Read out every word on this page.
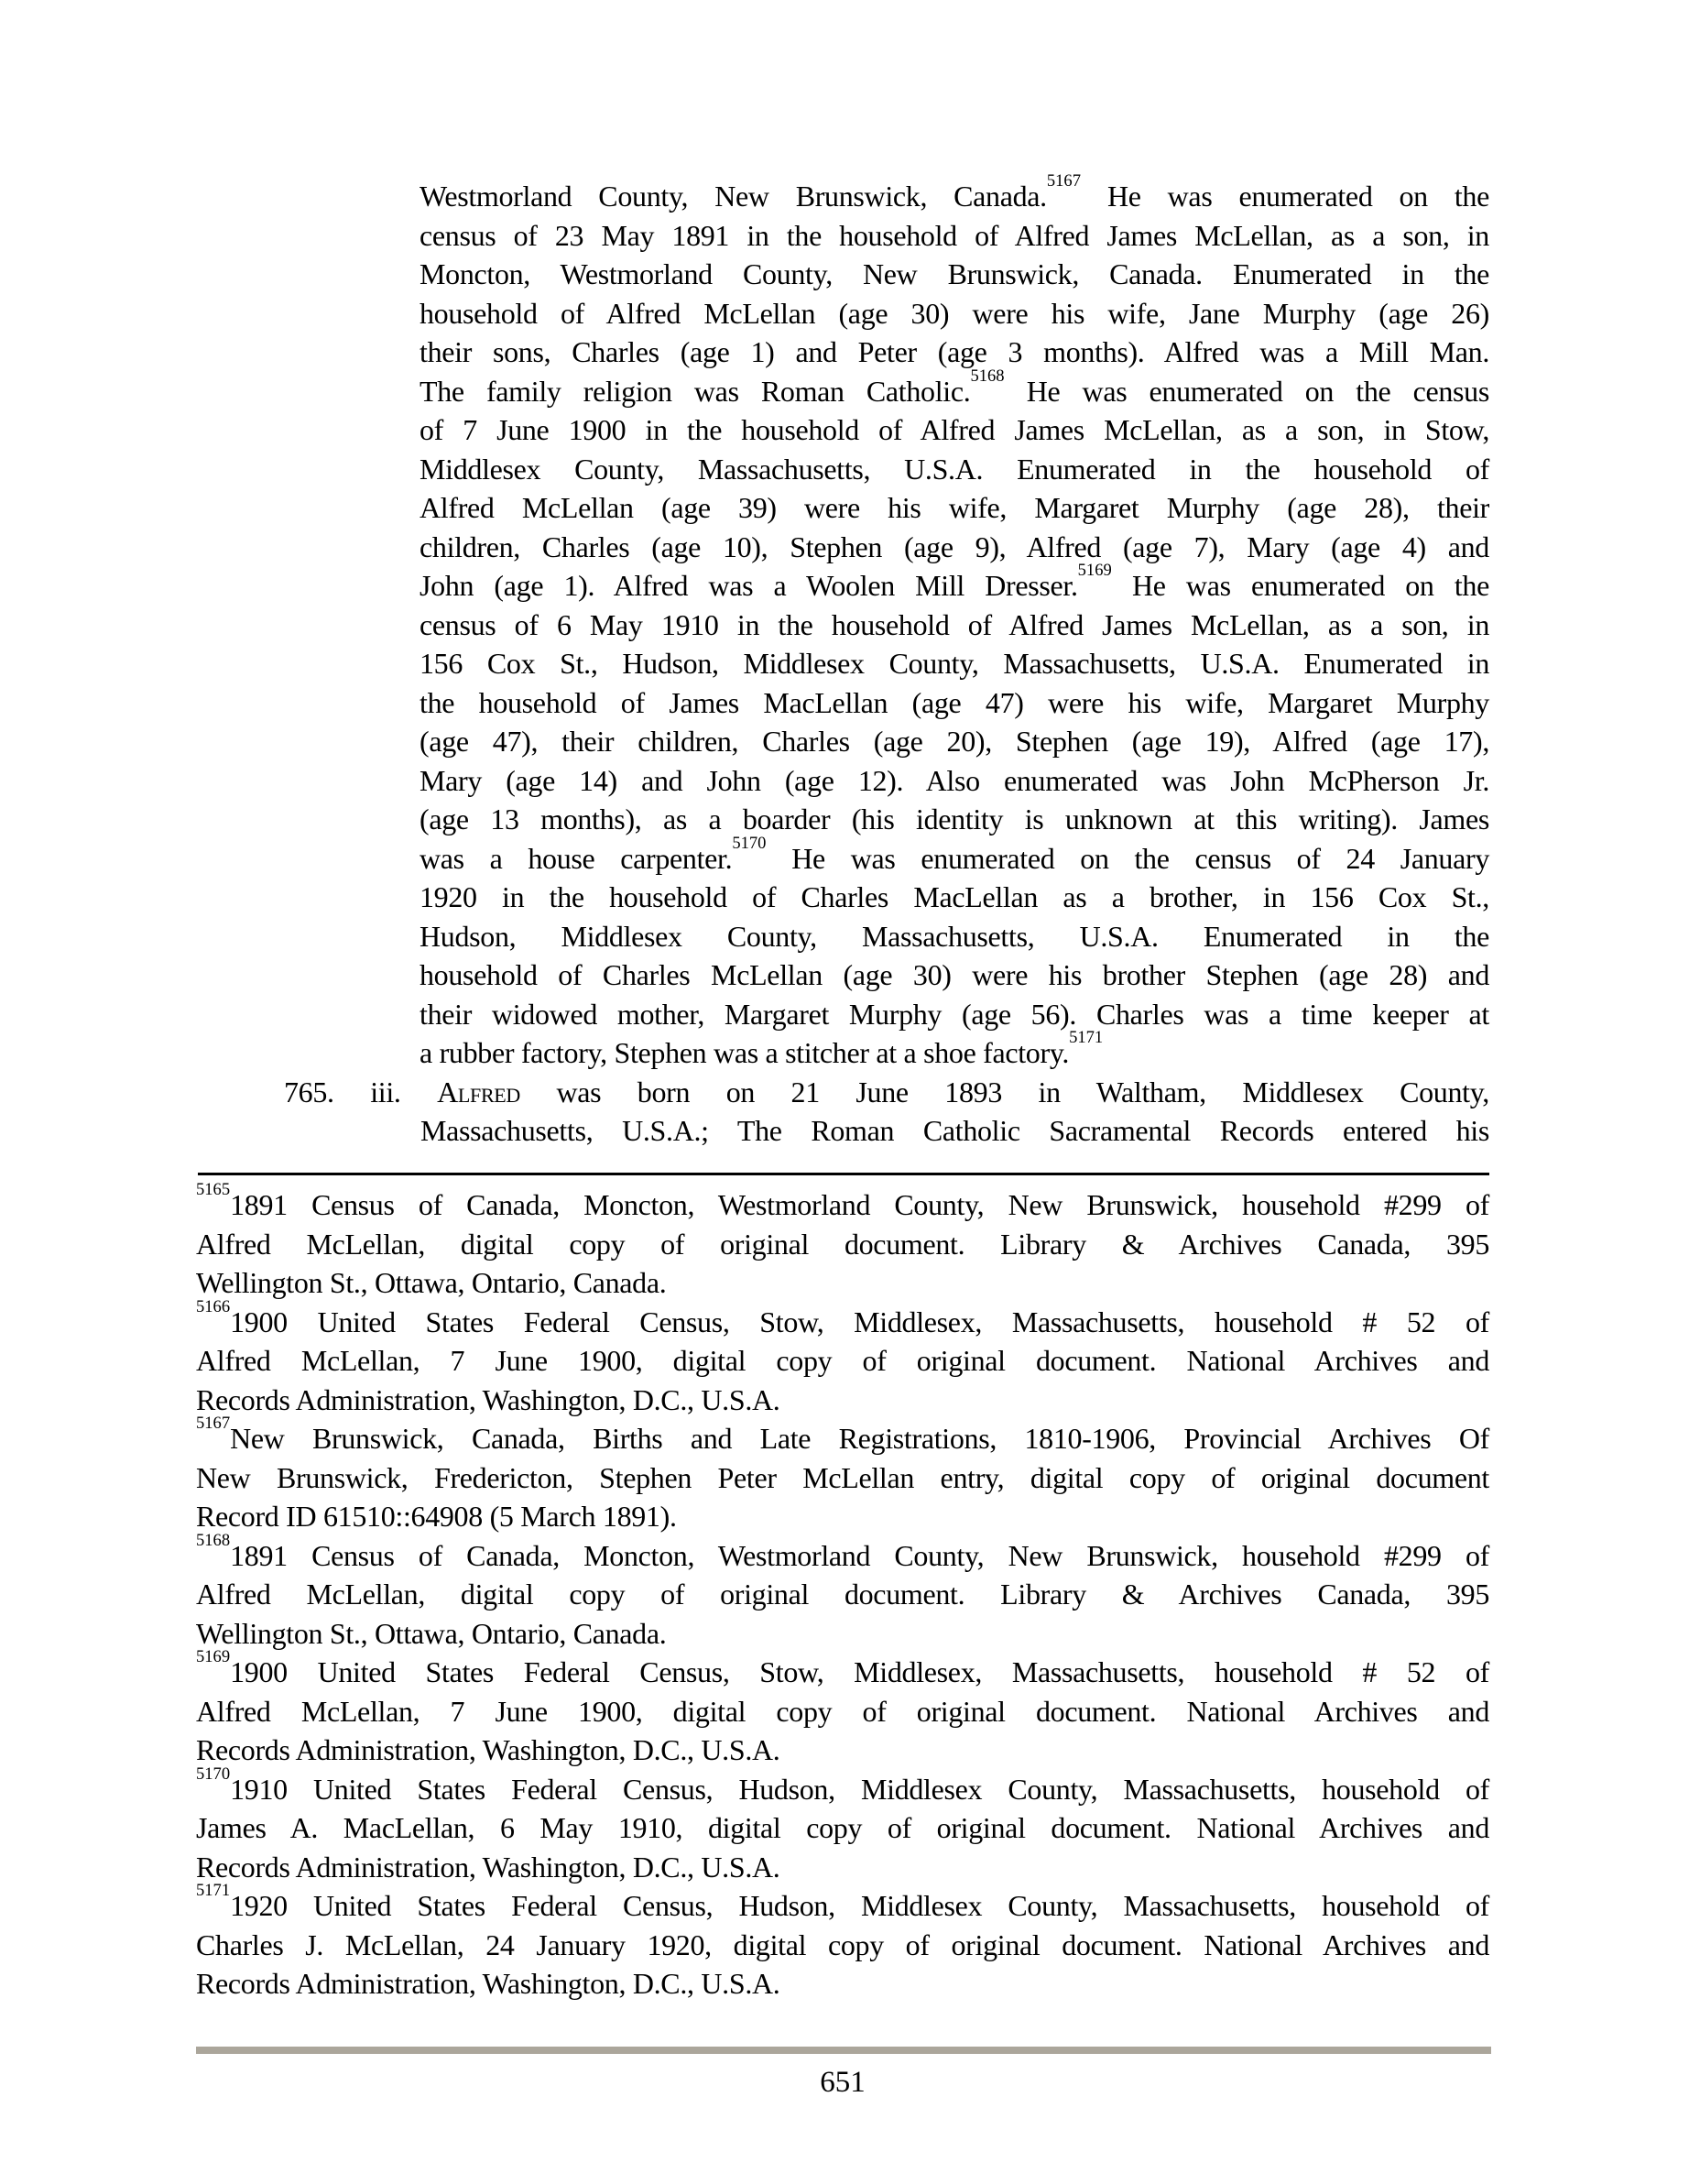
Westmorland County, New Brunswick, Canada.$^{5167}$ He was enumerated on the
census of 23 May 1891 in the household of Alfred James McLellan, as a son, in
Moncton, Westmorland County, New Brunswick, Canada. Enumerated in the
household of Alfred McLellan (age 30) were his wife, Jane Murphy (age 26)
their sons, Charles (age 1) and Peter (age 3 months). Alfred was a Mill Man.
The family religion was Roman Catholic.$^{5168}$ He was enumerated on the census
of 7 June 1900 in the household of Alfred James McLellan, as a son, in Stow,
Middlesex County, Massachusetts, U.S.A. Enumerated in the household of
Alfred McLellan (age 39) were his wife, Margaret Murphy (age 28), their
children, Charles (age 10), Stephen (age 9), Alfred (age 7), Mary (age 4) and
John (age 1). Alfred was a Woolen Mill Dresser.$^{5169}$ He was enumerated on the
census of 6 May 1910 in the household of Alfred James McLellan, as a son, in
156 Cox St., Hudson, Middlesex County, Massachusetts, U.S.A. Enumerated in
the household of James MacLellan (age 47) were his wife, Margaret Murphy
(age 47), their children, Charles (age 20), Stephen (age 19), Alfred (age 17),
Mary (age 14) and John (age 12). Also enumerated was John McPherson Jr.
(age 13 months), as a boarder (his identity is unknown at this writing). James
was a house carpenter.$^{5170}$ He was enumerated on the census of 24 January
1920 in the household of Charles MacLellan as a brother, in 156 Cox St.,
Hudson, Middlesex County, Massachusetts, U.S.A. Enumerated in the
household of Charles McLellan (age 30) were his brother Stephen (age 28) and
their widowed mother, Margaret Murphy (age 56). Charles was a time keeper at
a rubber factory, Stephen was a stitcher at a shoe factory.$^{5171}$
765. iii. Alfred was born on 21 June 1893 in Waltham, Middlesex County,
Massachusetts, U.S.A.; The Roman Catholic Sacramental Records entered his
$^{5165}$1891 Census of Canada, Moncton, Westmorland County, New Brunswick, household #299 of
Alfred McLellan, digital copy of original document. Library & Archives Canada, 395
Wellington St., Ottawa, Ontario, Canada.
$^{5166}$1900 United States Federal Census, Stow, Middlesex, Massachusetts, household # 52 of
Alfred McLellan, 7 June 1900, digital copy of original document. National Archives and
Records Administration, Washington, D.C., U.S.A.
$^{5167}$New Brunswick, Canada, Births and Late Registrations, 1810-1906, Provincial Archives Of
New Brunswick, Fredericton, Stephen Peter McLellan entry, digital copy of original document
Record ID 61510::64908 (5 March 1891).
$^{5168}$1891 Census of Canada, Moncton, Westmorland County, New Brunswick, household #299 of
Alfred McLellan, digital copy of original document. Library & Archives Canada, 395
Wellington St., Ottawa, Ontario, Canada.
$^{5169}$1900 United States Federal Census, Stow, Middlesex, Massachusetts, household # 52 of
Alfred McLellan, 7 June 1900, digital copy of original document. National Archives and
Records Administration, Washington, D.C., U.S.A.
$^{5170}$1910 United States Federal Census, Hudson, Middlesex County, Massachusetts, household of
James A. MacLellan, 6 May 1910, digital copy of original document. National Archives and
Records Administration, Washington, D.C., U.S.A.
$^{5171}$1920 United States Federal Census, Hudson, Middlesex County, Massachusetts, household of
Charles J. McLellan, 24 January 1920, digital copy of original document. National Archives and
Records Administration, Washington, D.C., U.S.A.
651
